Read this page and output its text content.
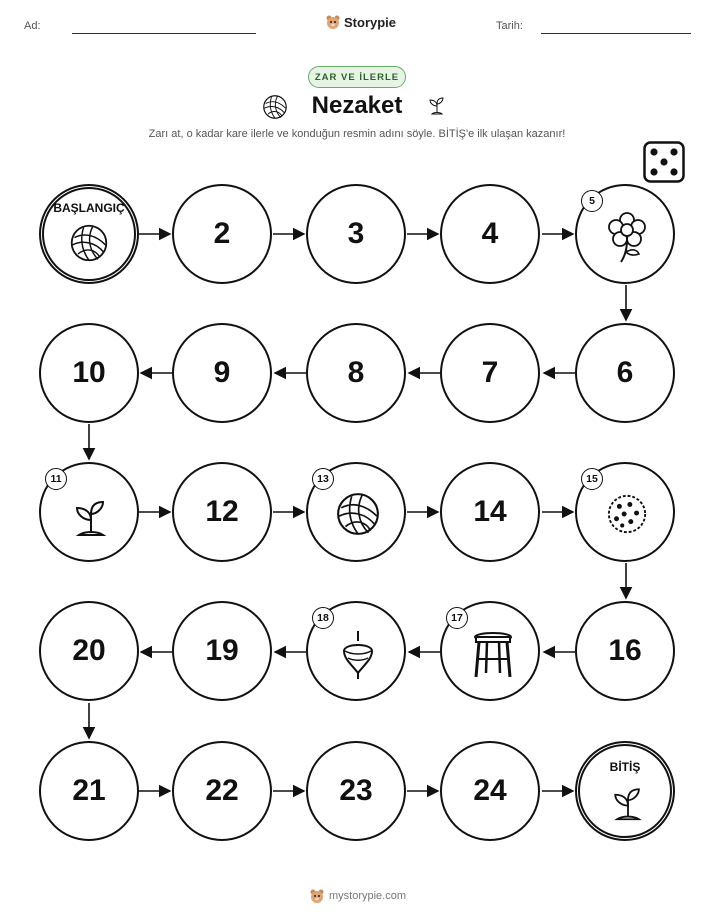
Ad:	Storypie	Tarih:
ZAR VE İLERLE
Nezaket
Zarı at, o kadar kare ilerle ve konduğun resmin adını söyle. BİTİŞ'e ilk ulaşan kazanır!
BAŞLANGIÇ
2	3	4
5
10	9	8	7	6
11
12
13
14
15
20	19
18	17
16
21	22	23	24
BİTİŞ
mystorypie.com
